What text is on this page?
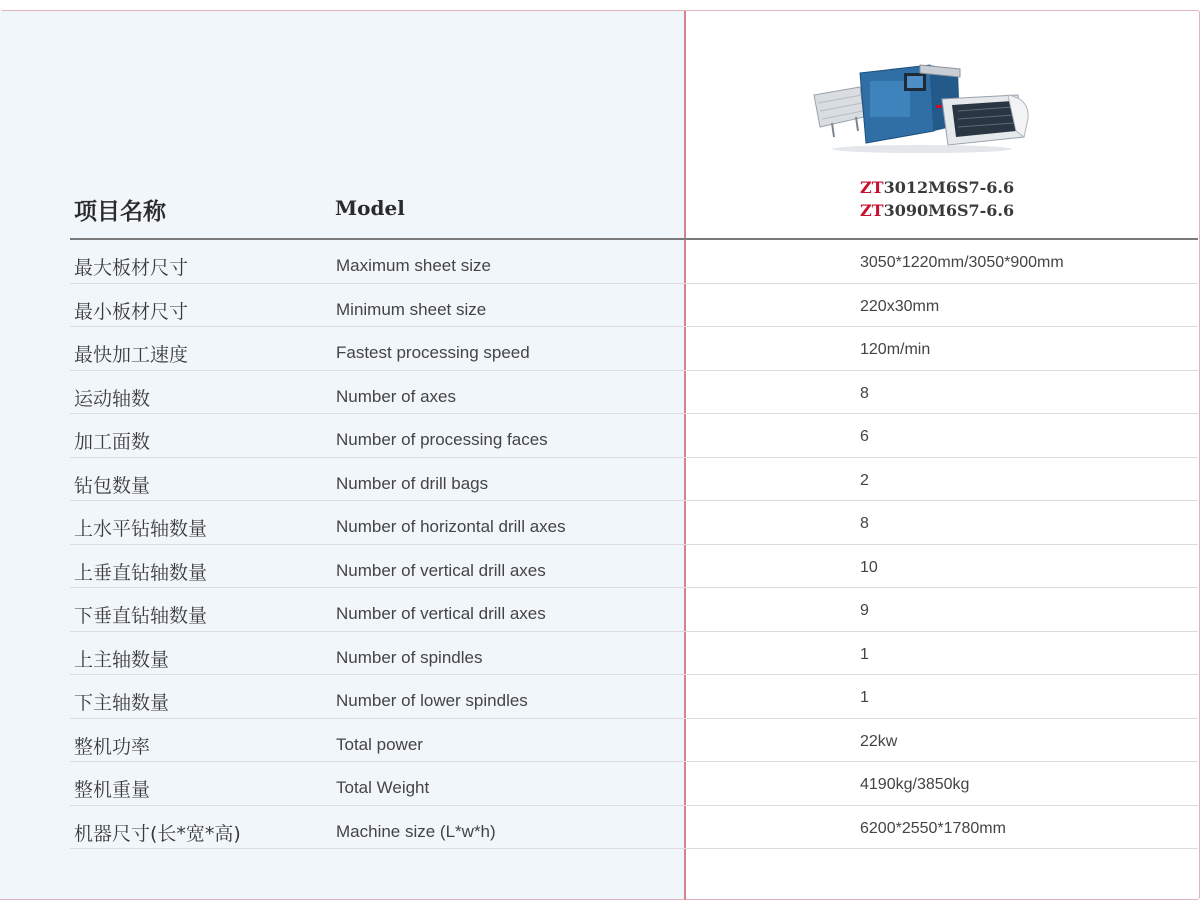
ZT3012M6S7-6.6
ZT3090M6S7-6.6
项目名称	Model
最大板材尺寸	Maximum sheet size	3050*1220mm/3050*900mm
最小板材尺寸	Minimum sheet size	220x30mm
最快加工速度	Fastest processing speed	120m/min
运动轴数	Number of axes	8
加工面数	Number of processing faces	6
钻包数量	Number of drill bags	2
上水平钻轴数量	Number of horizontal drill axes	8
上垂直钻轴数量	Number of vertical drill axes	10
下垂直钻轴数量	Number of vertical drill axes	9
上主轴数量	Number of spindles	1
下主轴数量	Number of lower spindles	1
整机功率	Total power	22kw
整机重量	Total Weight	4190kg/3850kg
机器尺寸(长*宽*高)	Machine size (L*w*h)	6200*2550*1780mm
